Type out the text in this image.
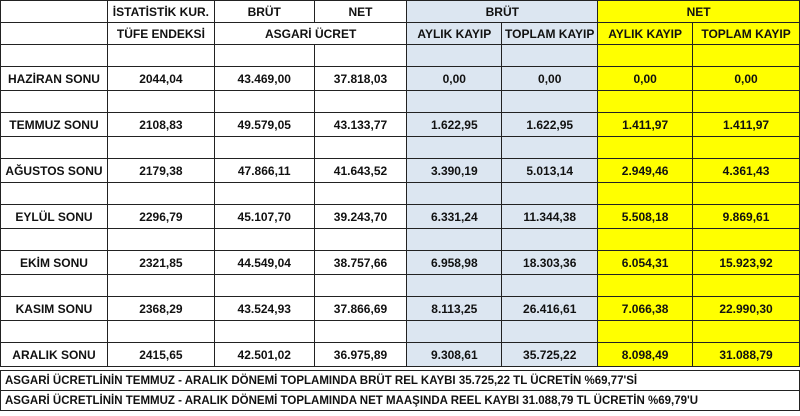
	İSTATİSTİK KUR.	BRÜT	NET	BRÜT		NET	
	TÜFE ENDEKSİ	ASGARİ ÜCRET		AYLIK KAYIP	TOPLAM KAYIP	AYLIK KAYIP	TOPLAM KAYIP

HAZİRAN SONU	2044,04	43.469,00	37.818,03	0,00	0,00	0,00	0,00

TEMMUZ SONU	2108,83	49.579,05	43.133,77	1.622,95	1.622,95	1.411,97	1.411,97

AĞUSTOS SONU	2179,38	47.866,11	41.643,52	3.390,19	5.013,14	2.949,46	4.361,43

EYLÜL SONU	2296,79	45.107,70	39.243,70	6.331,24	11.344,38	5.508,18	9.869,61

EKİM SONU	2321,85	44.549,04	38.757,66	6.958,98	18.303,36	6.054,31	15.923,92

KASIM SONU	2368,29	43.524,93	37.866,69	8.113,25	26.416,61	7.066,38	22.990,30

ARALIK SONU	2415,65	42.501,02	36.975,89	9.308,61	35.725,22	8.098,49	31.088,79
ASGARİ ÜCRETLİNİN TEMMUZ - ARALIK DÖNEMİ TOPLAMINDA BRÜT REL KAYBI 35.725,22 TL ÜCRETİN %69,77'Sİ
ASGARİ ÜCRETLİNİN TEMMUZ - ARALIK DÖNEMİ TOPLAMINDA NET MAAŞINDA REEL KAYBI 31.088,79 TL ÜCRETİN %69,79'U
